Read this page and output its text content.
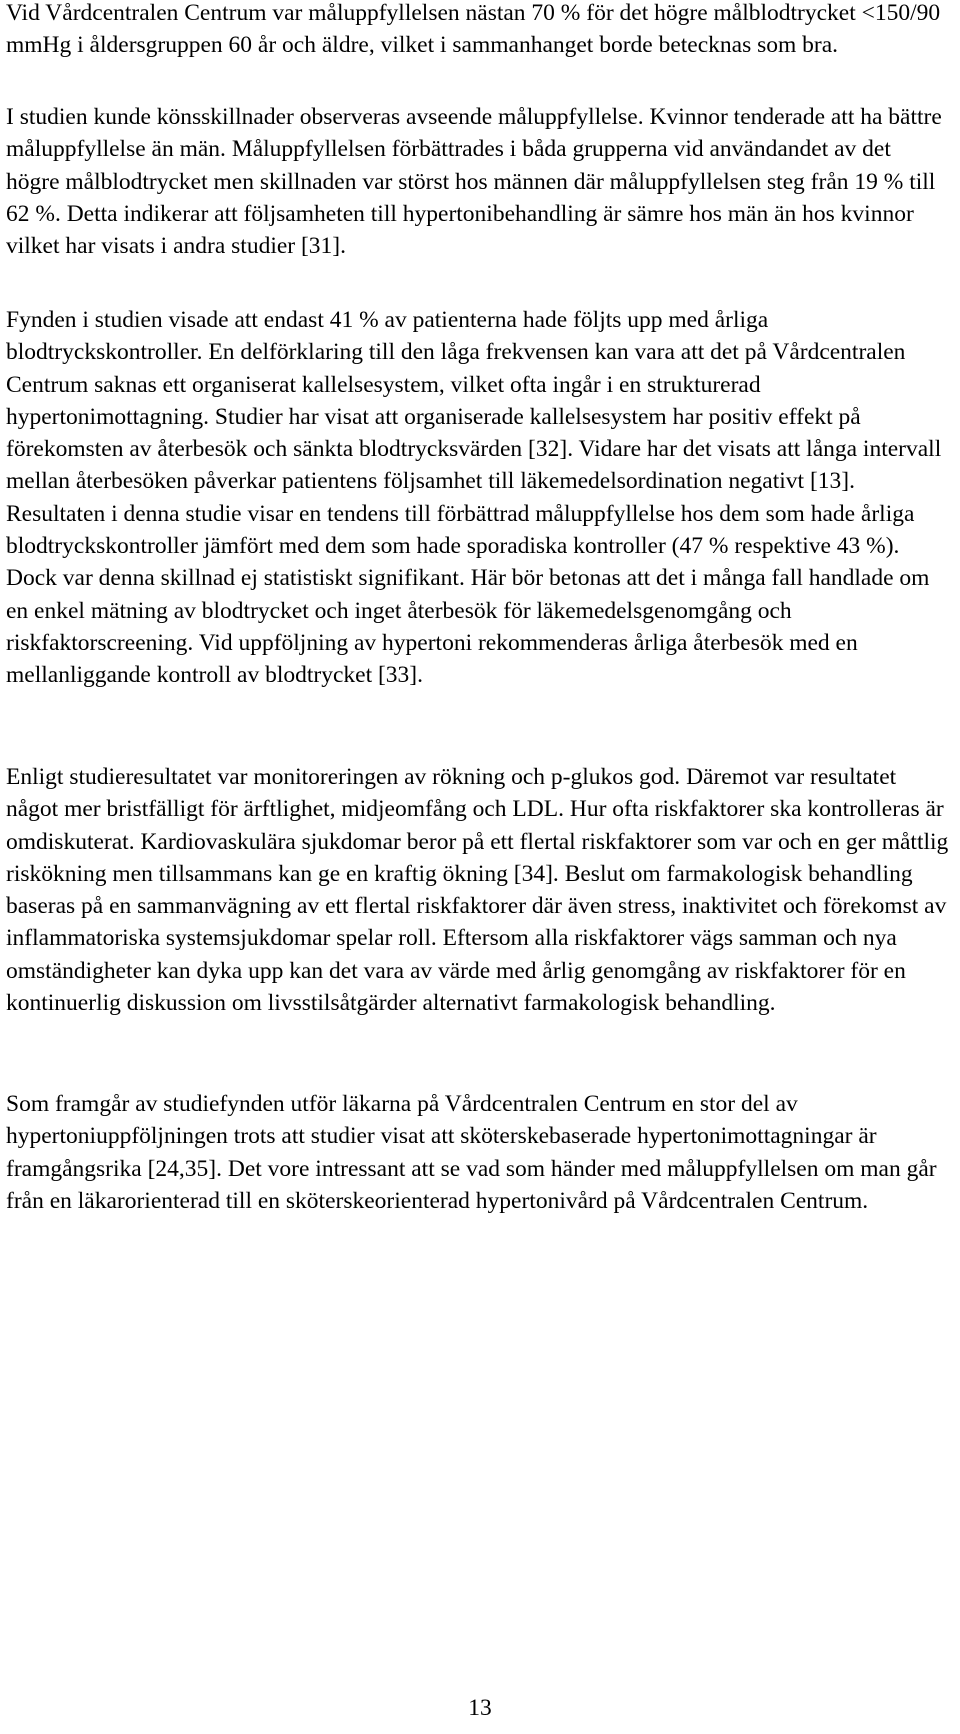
Vid Vårdcentralen Centrum var måluppfyllelsen nästan 70 % för det högre målblodtrycket <150/90 mmHg i åldersgruppen 60 år och äldre, vilket i sammanhanget borde betecknas som bra.

I studien kunde könsskillnader observeras avseende måluppfyllelse. Kvinnor tenderade att ha bättre måluppfyllelse än män. Måluppfyllelsen förbättrades i båda grupperna vid användandet av det högre målblodtrycket men skillnaden var störst hos männen där måluppfyllelsen steg från 19 % till 62 %. Detta indikerar att följsamheten till hypertonibehandling är sämre hos män än hos kvinnor vilket har visats i andra studier [31].

Fynden i studien visade att endast 41 % av patienterna hade följts upp med årliga blodtryckskontroller. En delförklaring till den låga frekvensen kan vara att det på Vårdcentralen Centrum saknas ett organiserat kallelsesystem, vilket ofta ingår i en strukturerad hypertonimottagning. Studier har visat att organiserade kallelsesystem har positiv effekt på förekomsten av återbesök och sänkta blodtrycksvärden [32]. Vidare har det visats att långa intervall mellan återbesöken påverkar patientens följsamhet till läkemedelsordination negativt [13]. Resultaten i denna studie visar en tendens till förbättrad måluppfyllelse hos dem som hade årliga blodtryckskontroller jämfört med dem som hade sporadiska kontroller (47 % respektive 43 %). Dock var denna skillnad ej statistiskt signifikant. Här bör betonas att det i många fall handlade om en enkel mätning av blodtrycket och inget återbesök för läkemedelsgenomgång och riskfaktorscreening. Vid uppföljning av hypertoni rekommenderas årliga återbesök med en mellanliggande kontroll av blodtrycket [33].

Enligt studieresultatet var monitoreringen av rökning och p-glukos god. Däremot var resultatet något mer bristfälligt för ärftlighet, midjeomfång och LDL. Hur ofta riskfaktorer ska kontrolleras är omdiskuterat. Kardiovaskulära sjukdomar beror på ett flertal riskfaktorer som var och en ger måttlig riskökning men tillsammans kan ge en kraftig ökning [34]. Beslut om farmakologisk behandling baseras på en sammanvägning av ett flertal riskfaktorer där även stress, inaktivitet och förekomst av inflammatoriska systemsjukdomar spelar roll. Eftersom alla riskfaktorer vägs samman och nya omständigheter kan dyka upp kan det vara av värde med årlig genomgång av riskfaktorer för en kontinuerlig diskussion om livsstilsåtgärder alternativt farmakologisk behandling.

Som framgår av studiefynden utför läkarna på Vårdcentralen Centrum en stor del av hypertoniuppföljningen trots att studier visat att sköterskebaserade hypertonimottagningar är framgångsrika [24,35]. Det vore intressant att se vad som händer med måluppfyllelsen om man går från en läkarorienterad till en sköterskeorienterad hypertonivård på Vårdcentralen Centrum.

13
